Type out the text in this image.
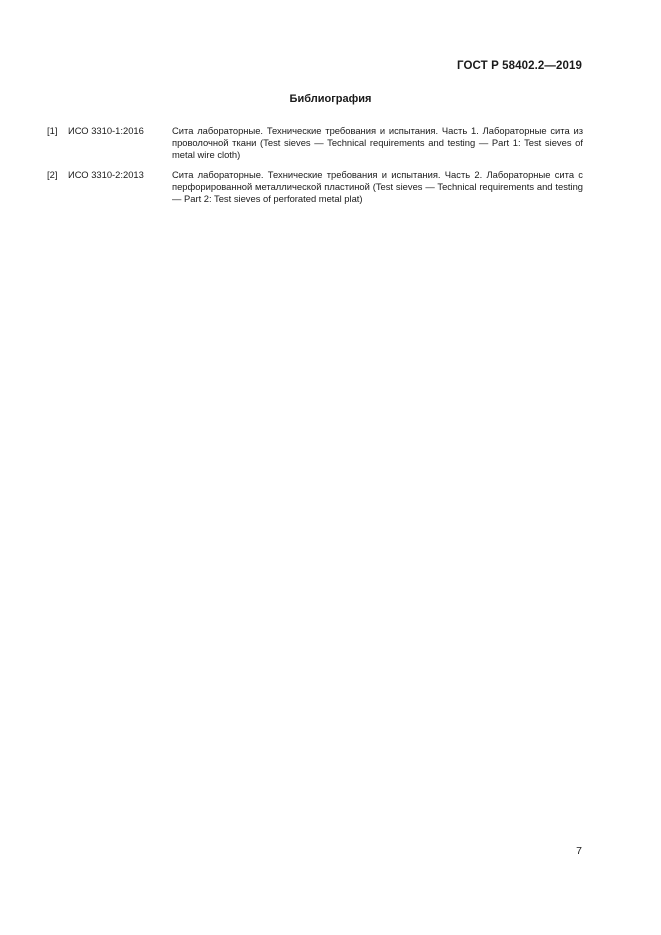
ГОСТ Р 58402.2—2019
Библиография
[1] ИСО 3310-1:2016	Сита лабораторные. Технические требования и испытания. Часть 1. Лабораторные сита из проволочной ткани (Test sieves — Technical requirements and testing — Part 1: Test sieves of metal wire cloth)
[2] ИСО 3310-2:2013	Сита лабораторные. Технические требования и испытания. Часть 2. Лабораторные сита с перфорированной металлической пластиной (Test sieves — Technical requirements and testing — Part 2: Test sieves of perforated metal plat)
7
